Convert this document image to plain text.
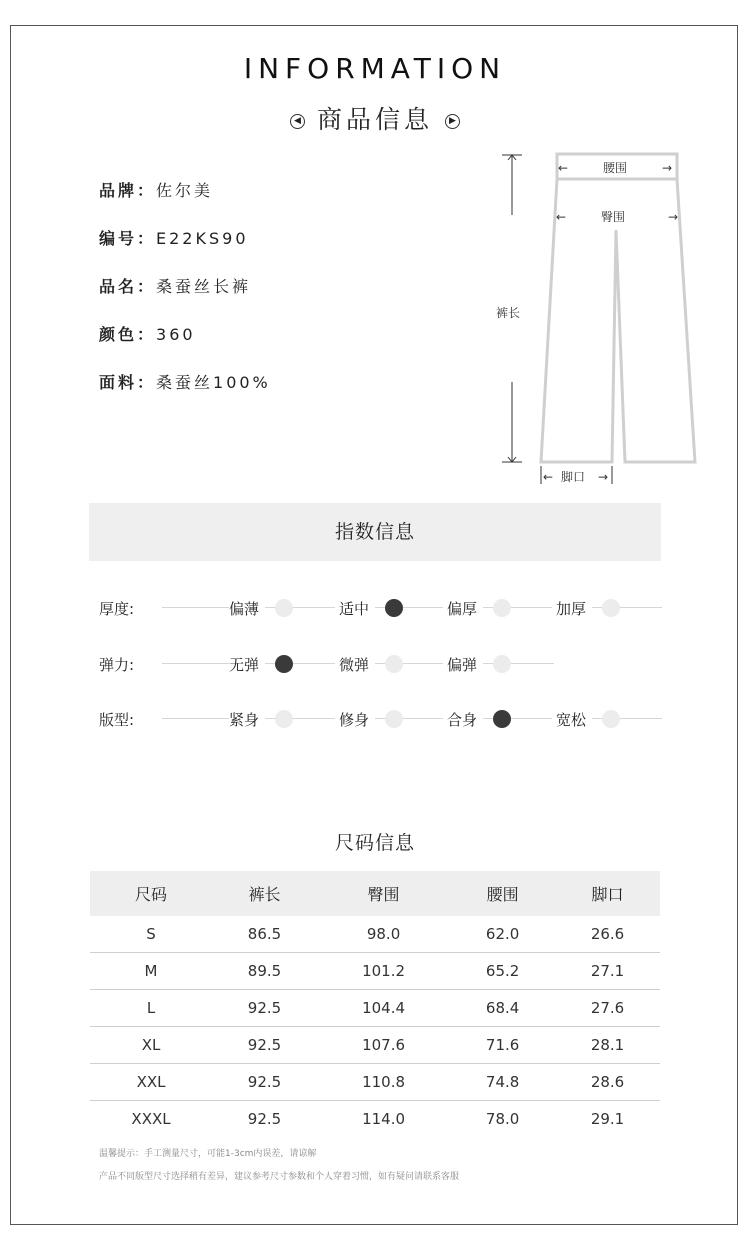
INFORMATION
◀ 商品信息 ▶
品牌：佐尔美
编号：E22KS90
品名：桑蚕丝长裤
颜色：360
面料：桑蚕丝100%
裤长
←	腰围	→
←	臀围	→
← 脚口 →
指数信息
厚度:	偏薄	适中	偏厚	加厚
弹力:	无弹	微弹	偏弹
版型:	紧身	修身	合身	宽松
尺码信息
尺码	裤长	臀围	腰围	脚口
S	86.5	98.0	62.0	26.6
M	89.5	101.2	65.2	27.1
L	92.5	104.4	68.4	27.6
XL	92.5	107.6	71.6	28.1
XXL	92.5	110.8	74.8	28.6
XXXL	92.5	114.0	78.0	29.1
温馨提示：手工测量尺寸，可能1-3cm内误差，请谅解
产品不同版型尺寸选择稍有差异，建议参考尺寸参数和个人穿着习惯，如有疑问请联系客服
